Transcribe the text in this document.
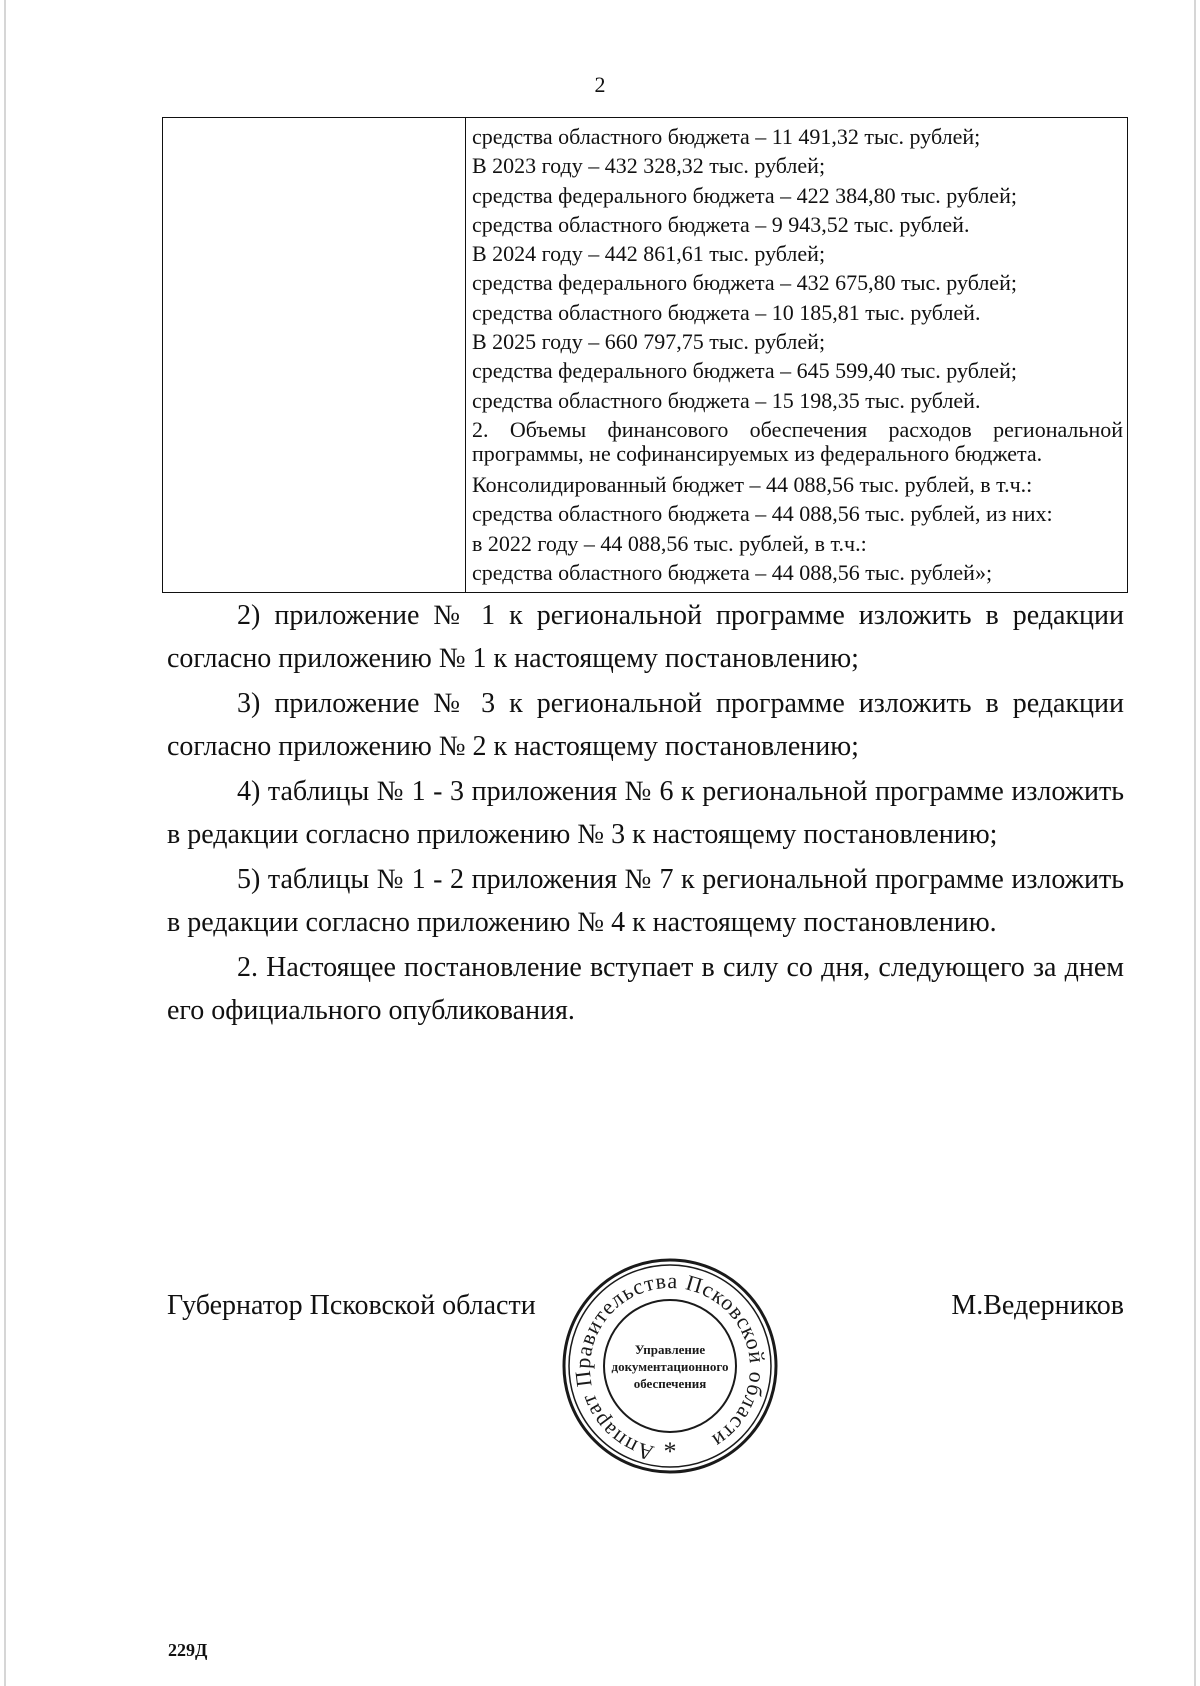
2
средства областного бюджета – 11 491,32 тыс. рублей;
В 2023 году – 432 328,32 тыс. рублей;
средства федерального бюджета – 422 384,80 тыс. рублей;
средства областного бюджета – 9 943,52 тыс. рублей.
В 2024 году – 442 861,61 тыс. рублей;
средства федерального бюджета – 432 675,80 тыс. рублей;
средства областного бюджета – 10 185,81 тыс. рублей.
В 2025 году – 660 797,75 тыс. рублей;
средства федерального бюджета – 645 599,40 тыс. рублей;
средства областного бюджета – 15 198,35 тыс. рублей.
2. Объемы финансового обеспечения расходов региональной программы, не софинансируемых из федерального бюджета.
Консолидированный бюджет – 44 088,56 тыс. рублей, в т.ч.:
средства областного бюджета – 44 088,56 тыс. рублей, из них:
в 2022 году – 44 088,56 тыс. рублей, в т.ч.:
средства областного бюджета – 44 088,56 тыс. рублей»;

2) приложение № 1 к региональной программе изложить в редакции согласно приложению № 1 к настоящему постановлению;

3) приложение № 3 к региональной программе изложить в редакции согласно приложению № 2 к настоящему постановлению;

4) таблицы № 1 - 3 приложения № 6 к региональной программе изложить в редакции согласно приложению № 3 к настоящему постановлению;

5) таблицы № 1 - 2 приложения № 7 к региональной программе изложить в редакции согласно приложению № 4 к настоящему постановлению.

2. Настоящее постановление вступает в силу со дня, следующего за днем его официального опубликования.

Губернатор Псковской области	М.Ведерников
Аппарат Правительства Псковской области
Управление
документационного
обеспечения
*
229Д
